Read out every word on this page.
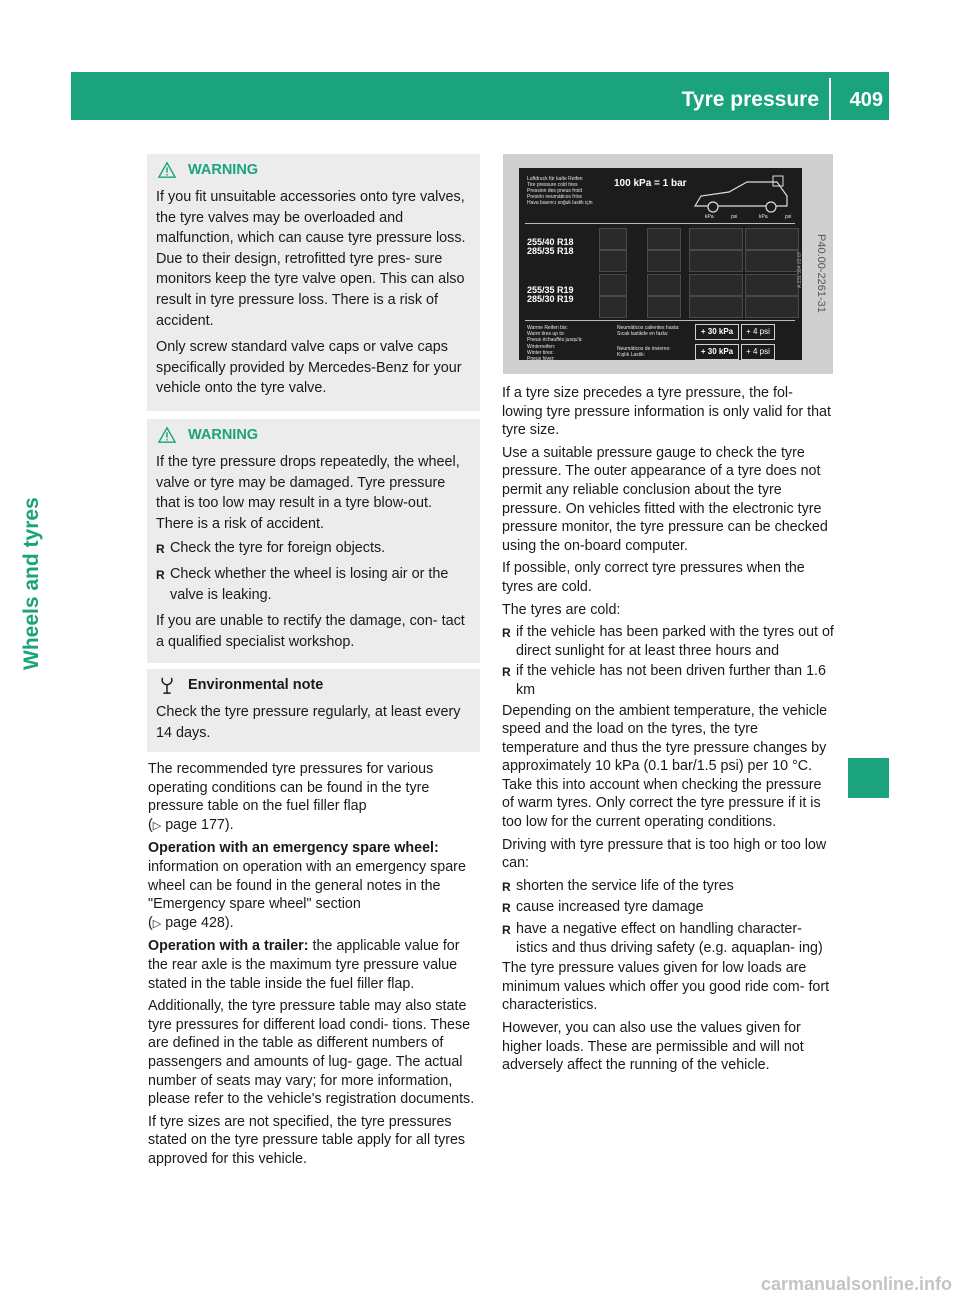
Tyre pressure 409
Wheels and tyres
WARNING

If you fit unsuitable accessories onto tyre valves, the tyre valves may be overloaded and malfunction, which can cause tyre pressure loss. Due to their design, retrofitted tyre pres- sure monitors keep the tyre valve open. This can also result in tyre pressure loss. There is a risk of accident.

Only screw standard valve caps or valve caps specifically provided by Mercedes-Benz for your vehicle onto the tyre valve.

WARNING

If the tyre pressure drops repeatedly, the wheel, valve or tyre may be damaged. Tyre pressure that is too low may result in a tyre blow-out. There is a risk of accident.

R Check the tyre for foreign objects.
R Check whether the wheel is losing air or the valve is leaking.

If you are unable to rectify the damage, con- tact a qualified specialist workshop.

Environmental note

Check the tyre pressure regularly, at least every 14 days.

The recommended tyre pressures for various operating conditions can be found in the tyre pressure table on the fuel filler flap
(▷ page 177).

Operation with an emergency spare wheel:
information on operation with an emergency spare wheel can be found in the general notes in the "Emergency spare wheel" section
(▷ page 428).

Operation with a trailer: the applicable value for the rear axle is the maximum tyre pressure value stated in the table inside the fuel filler flap.

Additionally, the tyre pressure table may also state tyre pressures for different load condi- tions. These are defined in the table as different numbers of passengers and amounts of lug- gage. The actual number of seats may vary; for more information, please refer to the vehicle's registration documents.

If tyre sizes are not specified, the tyre pressures stated on the tyre pressure table apply for all tyres approved for this vehicle.

Luftdruck für kalte Reifen
Tire pressure cold tires
Pression des pneus froid
Presión neumáticos fríos
Hava basıncı soğuk lastik için
100 kPa = 1 bar
kPa	psi	kPa	psi
255/40 R18
285/35 R18
255/35 R19
285/30 R19
Warme Reifen bis:
Warm tires up to:
Pneus échauffés jusqu'à:
Neumáticos calientes hasta:
Sıcak lastikde en fazla:	+ 30 kPa	+ 4 psi
Winterreifen:
Winter tires:
Pneus hiver:
Neumáticos de invierno:
Kışlık Lastik:	+ 30 kPa	+ 4 psi
A 231 584 03 07 P40.00-2261-31

If a tyre size precedes a tyre pressure, the fol- lowing tyre pressure information is only valid for that tyre size.

Use a suitable pressure gauge to check the tyre pressure. The outer appearance of a tyre does not permit any reliable conclusion about the tyre pressure. On vehicles fitted with the electronic tyre pressure monitor, the tyre pressure can be checked using the on-board computer.

If possible, only correct tyre pressures when the tyres are cold.

The tyres are cold:

R if the vehicle has been parked with the tyres out of direct sunlight for at least three hours and
R if the vehicle has not been driven further than 1.6 km

Depending on the ambient temperature, the vehicle speed and the load on the tyres, the tyre temperature and thus the tyre pressure changes by approximately 10 kPa (0.1 bar/1.5 psi) per 10 °C. Take this into account when checking the pressure of warm tyres. Only correct the tyre pressure if it is too low for the current operating conditions.

Driving with tyre pressure that is too high or too low can:

R shorten the service life of the tyres
R cause increased tyre damage
R have a negative effect on handling character- istics and thus driving safety (e.g. aquaplan- ing)

The tyre pressure values given for low loads are minimum values which offer you good ride com- fort characteristics.

However, you can also use the values given for higher loads. These are permissible and will not adversely affect the running of the vehicle.

carmanualsonline.info
